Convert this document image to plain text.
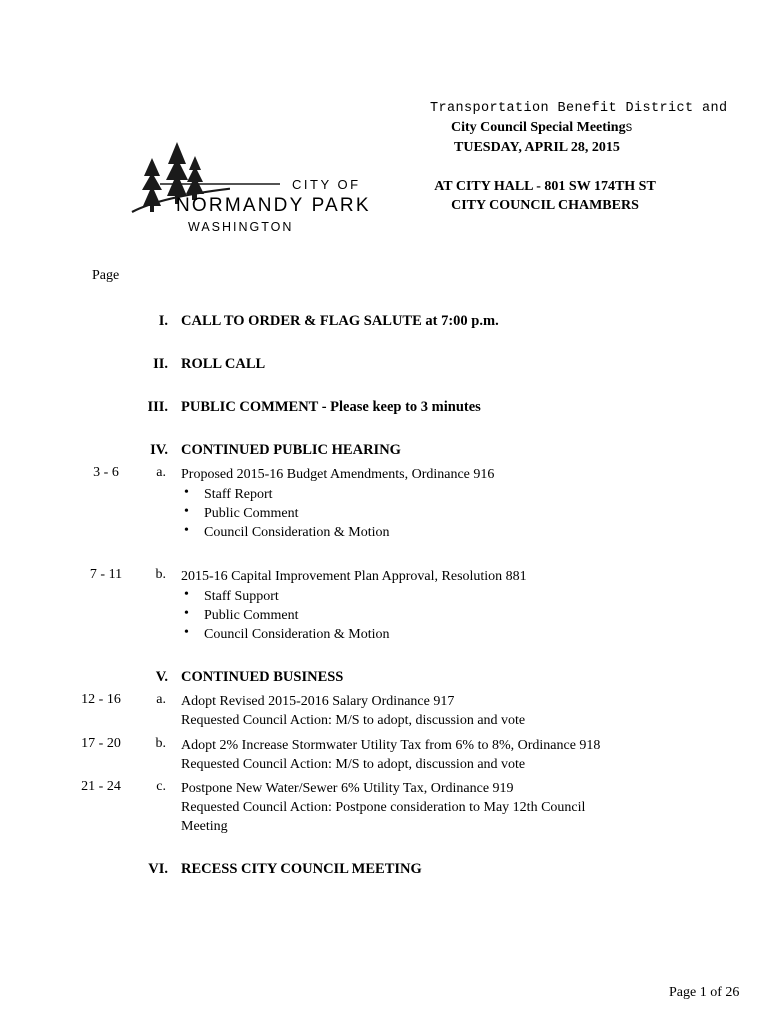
Transportation Benefit District and
City Council Special MeetingS
TUESDAY, APRIL 28, 2015
AT CITY HALL - 801 SW 174TH ST
CITY COUNCIL CHAMBERS
CITY OF
NORMANDY PARK
WASHINGTON
Page
I. CALL TO ORDER & FLAG SALUTE at 7:00 p.m.
II. ROLL CALL
III. PUBLIC COMMENT - Please keep to 3 minutes
IV. CONTINUED PUBLIC HEARING
3 - 6	a. Proposed 2015-16 Budget Amendments, Ordinance 916
• Staff Report
• Public Comment
• Council Consideration & Motion
7 - 11	b. 2015-16 Capital Improvement Plan Approval, Resolution 881
• Staff Support
• Public Comment
• Council Consideration & Motion
V. CONTINUED BUSINESS
12 - 16	a. Adopt Revised 2015-2016 Salary Ordinance 917
Requested Council Action: M/S to adopt, discussion and vote
17 - 20	b. Adopt 2% Increase Stormwater Utility Tax from 6% to 8%, Ordinance 918
Requested Council Action: M/S to adopt, discussion and vote
21 - 24	c. Postpone New Water/Sewer 6% Utility Tax, Ordinance 919
Requested Council Action: Postpone consideration to May 12th Council
Meeting
VI. RECESS CITY COUNCIL MEETING
Page 1 of 26
